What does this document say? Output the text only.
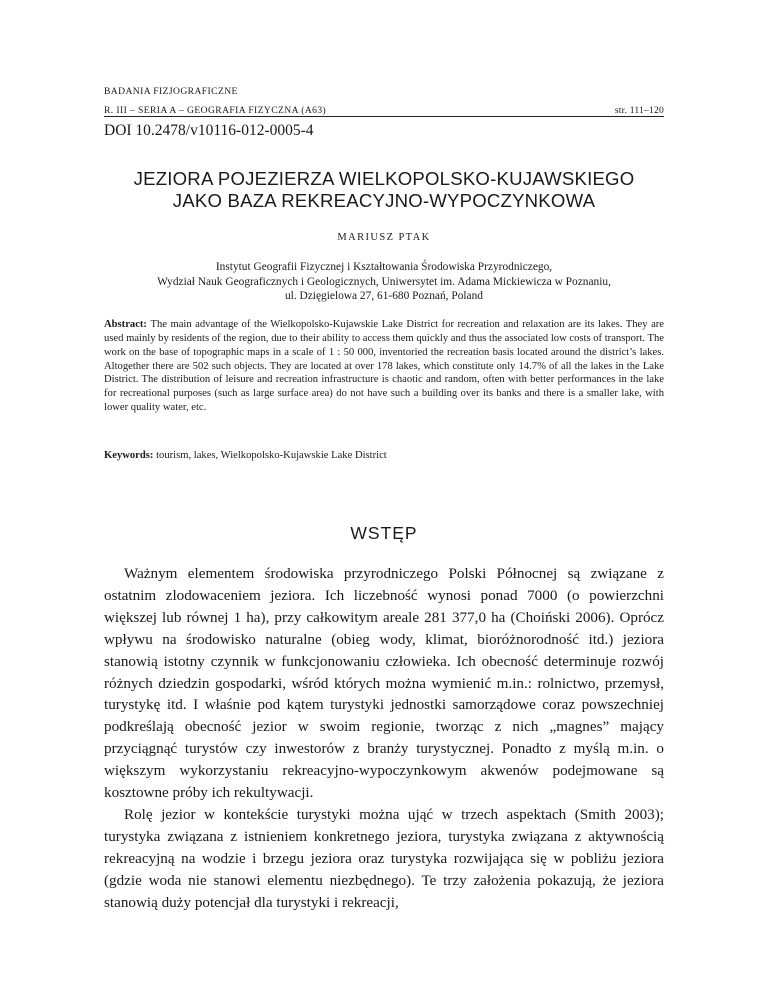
BADANIA FIZJOGRAFICZNE
R. III – SERIA A – GEOGRAFIA FIZYCZNA (A63)	str. 111–120
DOI 10.2478/v10116-012-0005-4
JEZIORA POJEZIERZA WIELKOPOLSKO-KUJAWSKIEGO
JAKO BAZA REKREACYJNO-WYPOCZYNKOWA
MARIUSZ PTAK
Instytut Geografii Fizycznej i Kształtowania Środowiska Przyrodniczego,
Wydział Nauk Geograficznych i Geologicznych, Uniwersytet im. Adama Mickiewicza w Poznaniu,
ul. Dzięgielowa 27, 61-680 Poznań, Poland
Abstract: The main advantage of the Wielkopolsko-Kujawskie Lake District for recreation and relaxation are its lakes. They are used mainly by residents of the region, due to their ability to access them quickly and thus the associated low costs of transport. The work on the base of topographic maps in a scale of 1 : 50 000, inventoried the recreation basis located around the district’s lakes. Altogether there are 502 such objects. They are located at over 178 lakes, which constitute only 14.7% of all the lakes in the Lake District. The distribution of leisure and recreation infrastructure is chaotic and random, often with better performances in the lake for recreational purposes (such as large surface area) do not have such a building over its banks and there is a smaller lake, with lower quality water, etc.
Keywords: tourism, lakes, Wielkopolsko-Kujawskie Lake District
WSTĘP

Ważnym elementem środowiska przyrodniczego Polski Północnej są związane z ostatnim zlodowaceniem jeziora. Ich liczebność wynosi ponad 7000 (o powierzchni większej lub równej 1 ha), przy całkowitym areale 281 377,0 ha (Choiński 2006). Oprócz wpływu na środowisko naturalne (obieg wody, klimat, bioróżnorodność itd.) jeziora stanowią istotny czynnik w funkcjonowaniu człowieka. Ich obecność determinuje rozwój różnych dziedzin gospodarki, wśród których można wymienić m.in.: rolnictwo, przemysł, turystykę itd. I właśnie pod kątem turystyki jednostki samorządowe coraz powszechniej podkreślają obecność jezior w swoim regionie, tworząc z nich „magnes” mający przyciągnąć turystów czy inwestorów z branży turystycznej. Ponadto z myślą m.in. o większym wykorzystaniu rekreacyjno-wypoczynkowym akwenów podejmowane są kosztowne próby ich rekultywacji.

Rolę jezior w kontekście turystyki można ująć w trzech aspektach (Smith 2003); turystyka związana z istnieniem konkretnego jeziora, turystyka związana z aktywnością rekreacyjną na wodzie i brzegu jeziora oraz turystyka rozwijająca się w pobliżu jeziora (gdzie woda nie stanowi elementu niezbędnego). Te trzy założenia pokazują, że jeziora stanowią duży potencjał dla turystyki i rekreacji,
